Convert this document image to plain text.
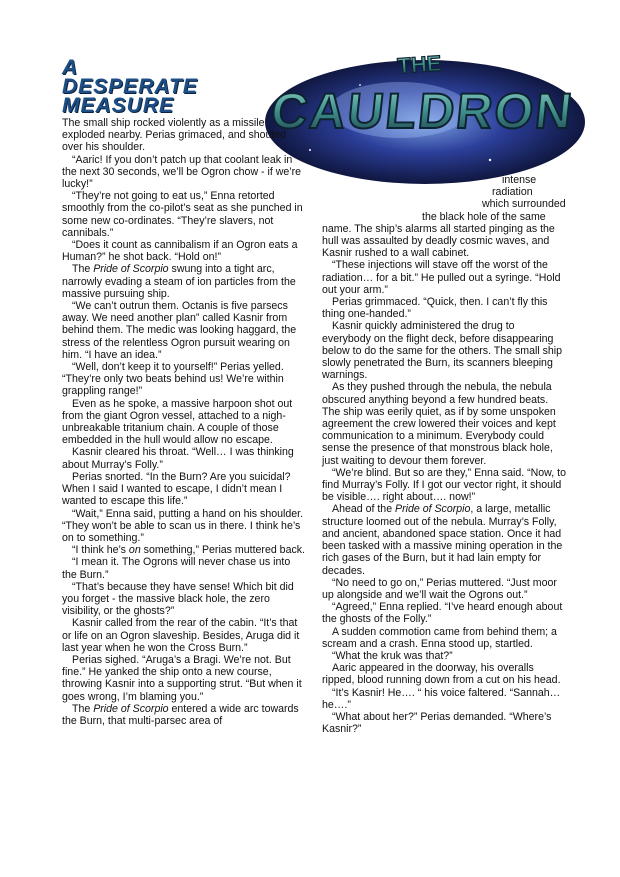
A
DESPERATE
MEASURE
THE
CAULDRON

The small ship rocked violently as a missile exploded nearby. Perias grimaced, and shouted over his shoulder.

“Aaric! If you don’t patch up that coolant leak in the next 30 seconds, we’ll be Ogron chow - if we’re lucky!”

“They’re not going to eat us,” Enna retorted smoothly from the co-pilot’s seat as she punched in some new co-ordinates. “They’re slavers, not cannibals.”

“Does it count as cannibalism if an Ogron eats a Human?” he shot back. “Hold on!”

The Pride of Scorpio swung into a tight arc, narrowly evading a steam of ion particles from the massive pursuing ship.

“We can’t outrun them. Octanis is five parsecs away. We need another plan” called Kasnir from behind them. The medic was looking haggard, the stress of the relentless Ogron pursuit wearing on him. “I have an idea.”

“Well, don’t keep it to yourself!” Perias yelled. “They’re only two beats behind us! We’re within grappling range!”

Even as he spoke, a massive harpoon shot out from the giant Ogron vessel, attached to a nigh-unbreakable tritanium chain. A couple of those embedded in the hull would allow no escape.

Kasnir cleared his throat. “Well… I was thinking about Murray’s Folly.”

Perias snorted. “In the Burn? Are you suicidal? When I said I wanted to escape, I didn’t mean I wanted to escape this life.”

“Wait,” Enna said, putting a hand on his shoulder. “They won’t be able to scan us in there. I think he’s on to something.”

“I think he’s on something,” Perias muttered back.

“I mean it. The Ogrons will never chase us into the Burn.”

“That’s because they have sense! Which bit did you forget - the massive black hole, the zero visibility, or the ghosts?”

Kasnir called from the rear of the cabin. “It’s that or life on an Ogron slaveship. Besides, Aruga did it last year when he won the Cross Burn.”

Perias sighed. “Aruga’s a Bragi. We’re not. But fine.” He yanked the ship onto a new course, throwing Kasnir into a supporting strut. “But when it goes wrong, I’m blaming you.”

The Pride of Scorpio entered a wide arc towards the Burn, that multi-parsec area of

intense
radiation
which surrounded
the black hole of the same

name. The ship’s alarms all started pinging as the hull was assaulted by deadly cosmic waves, and Kasnir rushed to a wall cabinet.

“These injections will stave off the worst of the radiation… for a bit.” He pulled out a syringe. “Hold out your arm.”

Perias grimmaced. “Quick, then. I can’t fly this thing one-handed.”

Kasnir quickly administered the drug to everybody on the flight deck, before disappearing below to do the same for the others. The small ship slowly penetrated the Burn, its scanners bleeping warnings.

As they pushed through the nebula, the nebula obscured anything beyond a few hundred beats. The ship was eerily quiet, as if by some unspoken agreement the crew lowered their voices and kept communication to a minimum. Everybody could sense the presence of that monstrous black hole, just waiting to devour them forever.

“We’re blind. But so are they,” Enna said. “Now, to find Murray’s Folly. If I got our vector right, it should be visible…. right about…. now!”

Ahead of the Pride of Scorpio, a large, metallic structure loomed out of the nebula. Murray’s Folly, and ancient, abandoned space station. Once it had been tasked with a massive mining operation in the rich gases of the Burn, but it had lain empty for decades.

“No need to go on,” Perias muttered. “Just moor up alongside and we’ll wait the Ogrons out.”

“Agreed,” Enna replied. “I’ve heard enough about the ghosts of the Folly.”

A sudden commotion came from behind them; a scream and a crash. Enna stood up, startled.

“What the kruk was that?”

Aaric appeared in the doorway, his overalls ripped, blood running down from a cut on his head.

“It’s Kasnir! He…. “ his voice faltered. “Sannah… he….”

“What about her?” Perias demanded. “Where’s Kasnir?”
